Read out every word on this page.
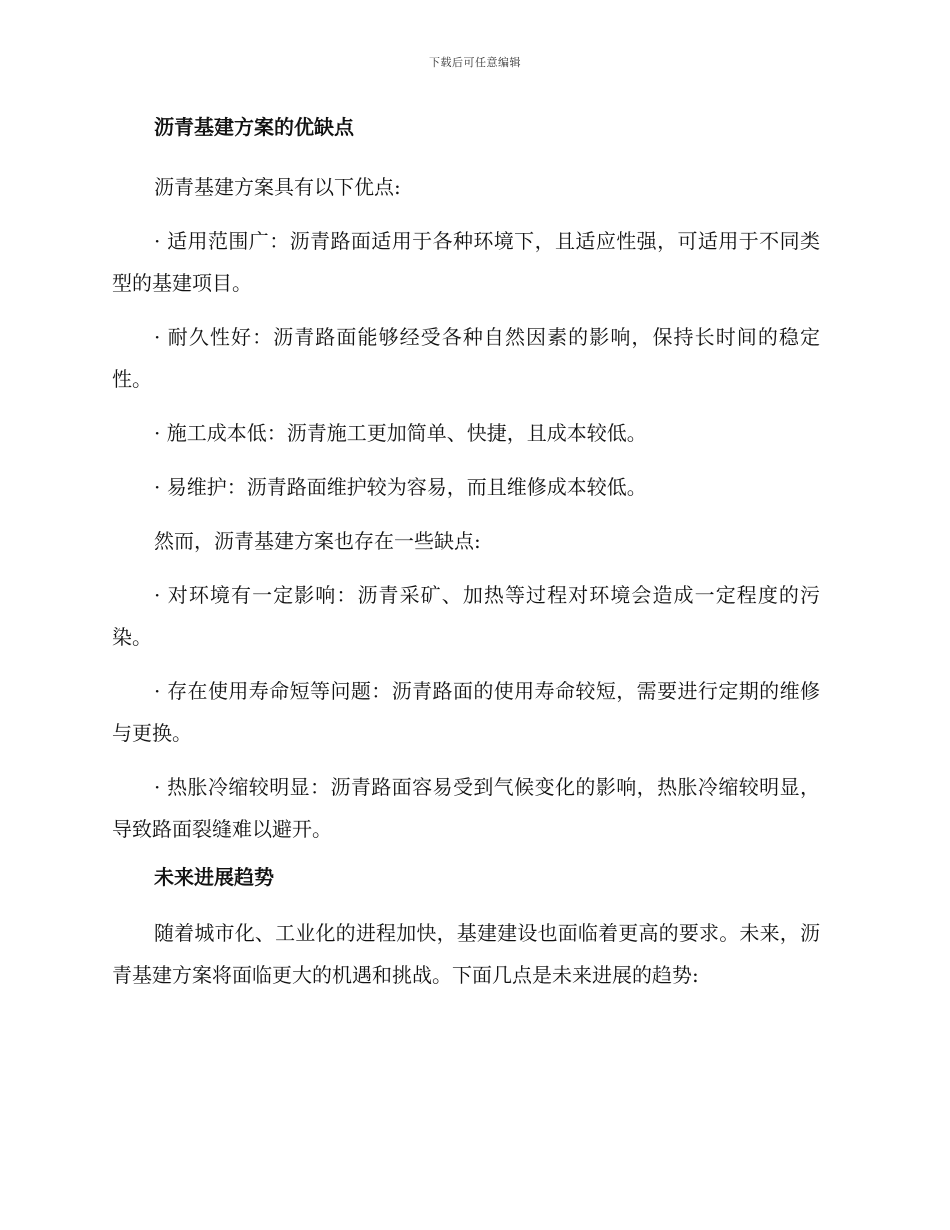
下载后可任意编辑
沥青基建方案的优缺点

沥青基建方案具有以下优点:

· 适用范围广：沥青路面适用于各种环境下，且适应性强，可适用于不同类型的基建项目。

· 耐久性好：沥青路面能够经受各种自然因素的影响，保持长时间的稳定性。

· 施工成本低：沥青施工更加简单、快捷，且成本较低。

· 易维护：沥青路面维护较为容易，而且维修成本较低。

然而，沥青基建方案也存在一些缺点:

· 对环境有一定影响：沥青采矿、加热等过程对环境会造成一定程度的污染。

· 存在使用寿命短等问题：沥青路面的使用寿命较短，需要进行定期的维修与更换。

· 热胀冷缩较明显：沥青路面容易受到气候变化的影响，热胀冷缩较明显，导致路面裂缝难以避开。

未来进展趋势

随着城市化、工业化的进程加快，基建建设也面临着更高的要求。未来，沥青基建方案将面临更大的机遇和挑战。下面几点是未来进展的趋势:
